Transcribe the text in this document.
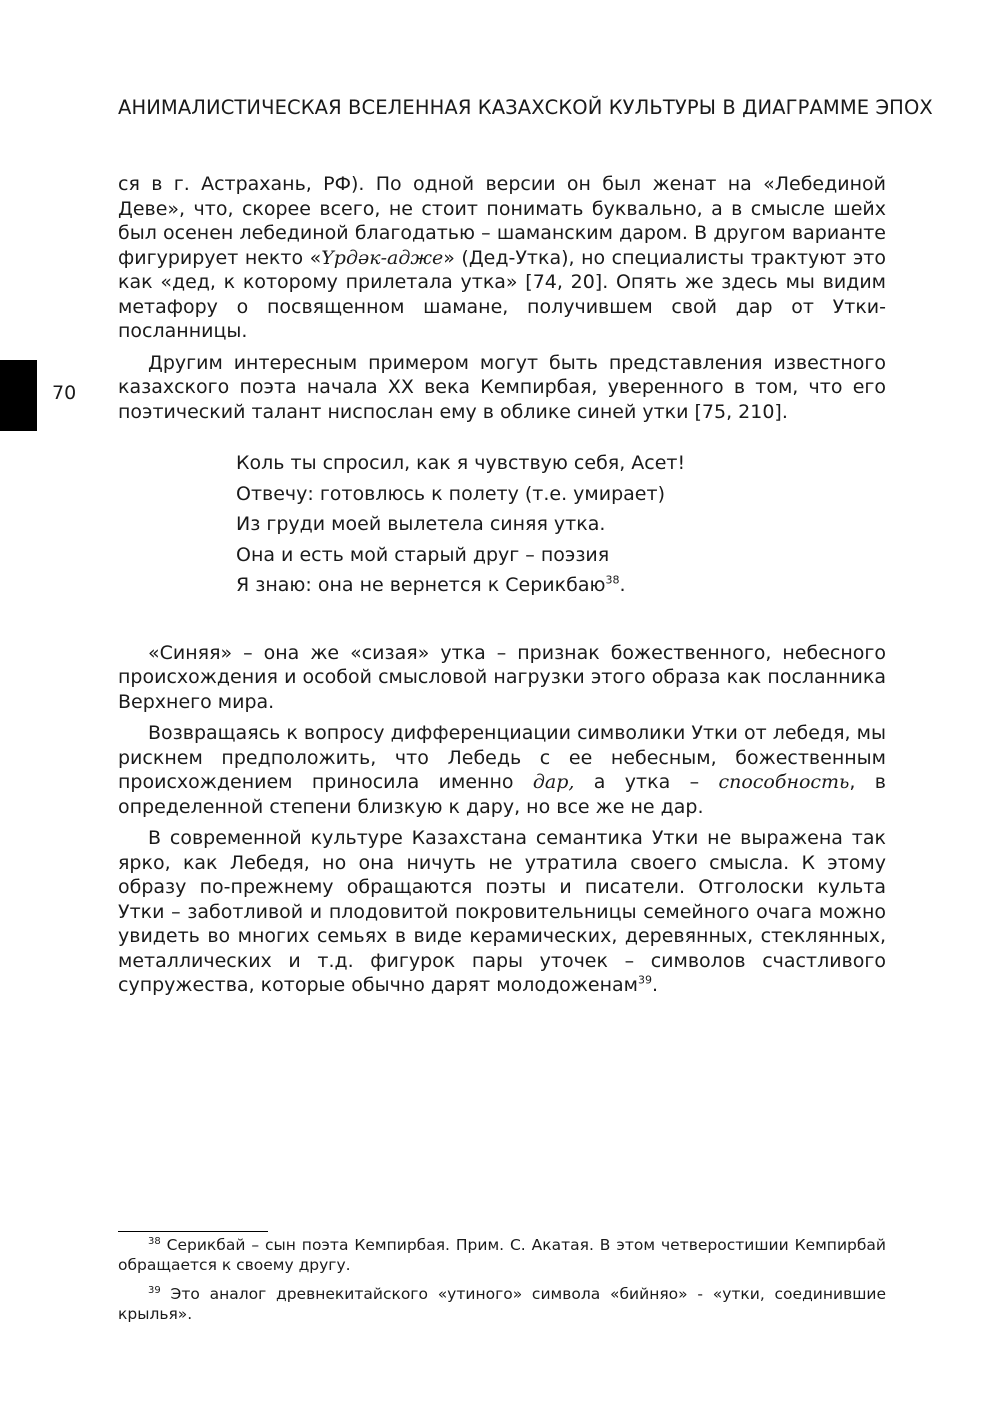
АНИМАЛИСТИЧЕСКАЯ ВСЕЛЕННАЯ КАЗАХСКОЙ КУЛЬТУРЫ В ДИАГРАММЕ ЭПОХ
70

ся в г. Астрахань, РФ). По одной версии он был женат на «Лебединой Деве», что, скорее всего, не стоит понимать буквально, а в смысле шейх был осенен лебединой благодатью – шаманским даром. В другом варианте фигурирует некто «Үрдәк-адже» (Дед-Утка), но специалисты трактуют это как «дед, к которому прилетала утка» [74, 20]. Опять же здесь мы видим метафору о посвященном шамане, получившем свой дар от Утки-посланницы.

Другим интересным примером могут быть представления известного казахского поэта начала XX века Кемпирбая, уверенного в том, что его поэтический талант ниспослан ему в облике синей утки [75, 210].

Коль ты спросил, как я чувствую себя, Асет!
Отвечу: готовлюсь к полету (т.е. умирает)
Из груди моей вылетела синяя утка.
Она и есть мой старый друг – поэзия
Я знаю: она не вернется к Серикбаю$^{38}$.

«Синяя» – она же «сизая» утка – признак божественного, небесного происхождения и особой смысловой нагрузки этого образа как посланника Верхнего мира.

Возвращаясь к вопросу дифференциации символики Утки от лебедя, мы рискнем предположить, что Лебедь с ее небесным, божественным происхождением приносила именно дар, а утка – способность, в определенной степени близкую к дару, но все же не дар.

В современной культуре Казахстана семантика Утки не выражена так ярко, как Лебедя, но она ничуть не утратила своего смысла. К этому образу по-прежнему обращаются поэты и писатели. Отголоски культа Утки – заботливой и плодовитой покровительницы семейного очага можно увидеть во многих семьях в виде керамических, деревянных, стеклянных, металлических и т.д. фигурок пары уточек – символов счастливого супружества, которые обычно дарят молодоженам$^{39}$.

$^{38}$ Серикбай – сын поэта Кемпирбая. Прим. С. Акатая. В этом четверостишии Кемпирбай обращается к своему другу.

$^{39}$ Это аналог древнекитайского «утиного» символа «бийняо» - «утки, соединившие крылья».
